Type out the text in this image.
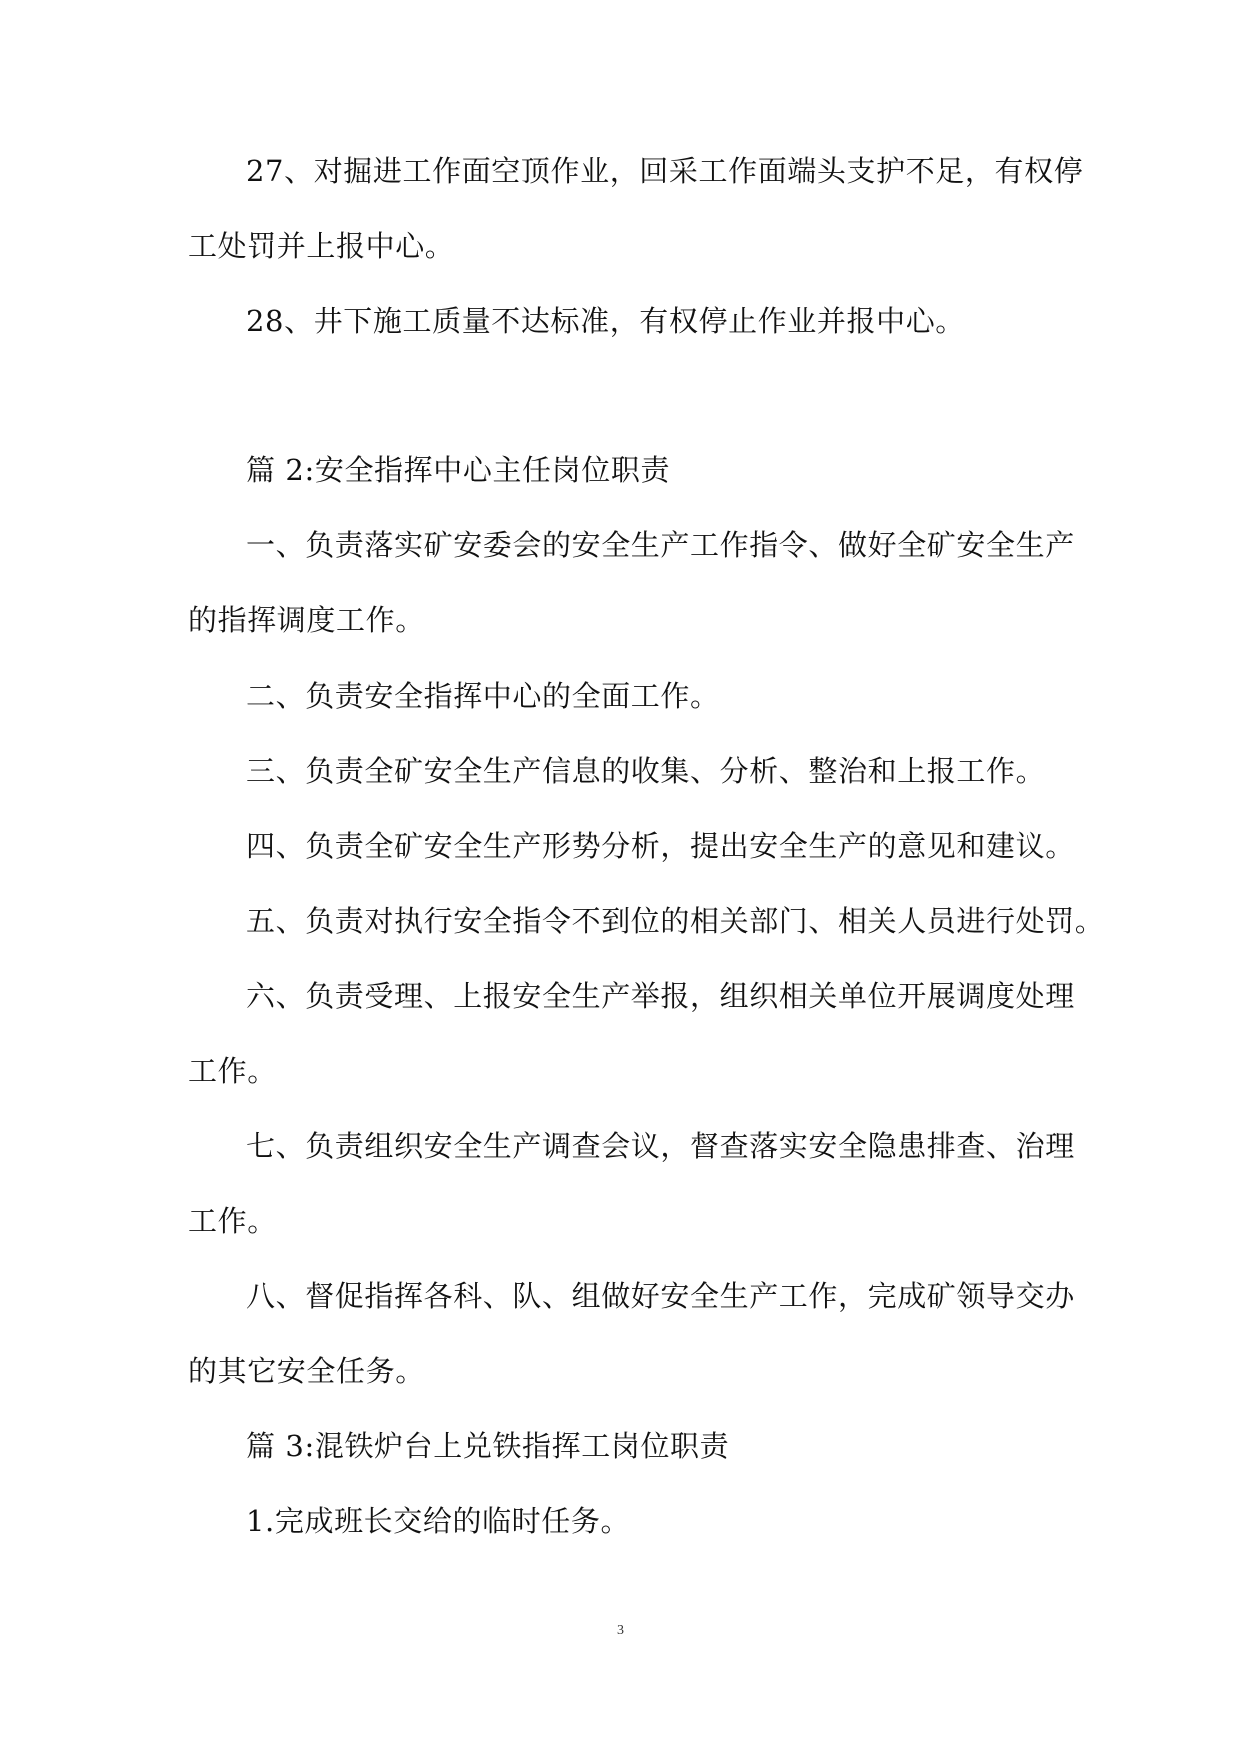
27、对掘进工作面空顶作业，回采工作面端头支护不足，有权停
工处罚并上报中心。
28、井下施工质量不达标准，有权停止作业并报中心。
篇 2:安全指挥中心主任岗位职责
一、负责落实矿安委会的安全生产工作指令、做好全矿安全生产
的指挥调度工作。
二、负责安全指挥中心的全面工作。
三、负责全矿安全生产信息的收集、分析、整治和上报工作。
四、负责全矿安全生产形势分析，提出安全生产的意见和建议。
五、负责对执行安全指令不到位的相关部门、相关人员进行处罚。
六、负责受理、上报安全生产举报，组织相关单位开展调度处理
工作。
七、负责组织安全生产调查会议，督查落实安全隐患排查、治理
工作。
八、督促指挥各科、队、组做好安全生产工作，完成矿领导交办
的其它安全任务。
篇 3:混铁炉台上兑铁指挥工岗位职责
1.完成班长交给的临时任务。
3
